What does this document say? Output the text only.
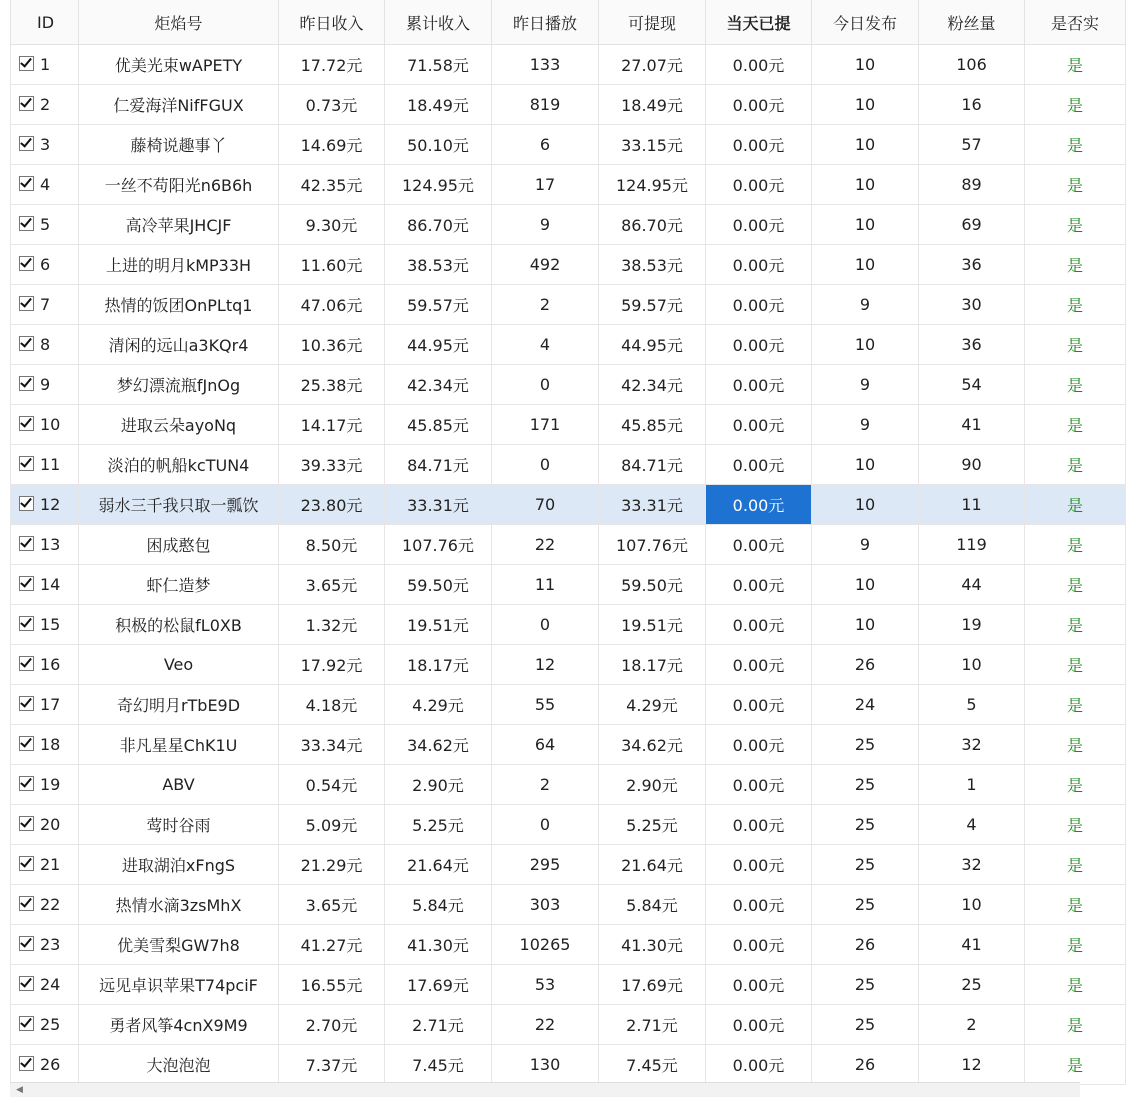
ID	炬焰号	昨日收入	累计收入	昨日播放	可提现	当天已提	今日发布	粉丝量	是否实
1	优美光束wAPETY	17.72元	71.58元	133	27.07元	0.00元	10	106	是
2	仁爱海洋NifFGUX	0.73元	18.49元	819	18.49元	0.00元	10	16	是
3	藤椅说趣事丫	14.69元	50.10元	6	33.15元	0.00元	10	57	是
4	一丝不苟阳光n6B6h	42.35元	124.95元	17	124.95元	0.00元	10	89	是
5	高冷苹果JHCJF	9.30元	86.70元	9	86.70元	0.00元	10	69	是
6	上进的明月kMP33H	11.60元	38.53元	492	38.53元	0.00元	10	36	是
7	热情的饭团OnPLtq1	47.06元	59.57元	2	59.57元	0.00元	9	30	是
8	清闲的远山a3KQr4	10.36元	44.95元	4	44.95元	0.00元	10	36	是
9	梦幻漂流瓶fJnOg	25.38元	42.34元	0	42.34元	0.00元	9	54	是
10	进取云朵ayoNq	14.17元	45.85元	171	45.85元	0.00元	9	41	是
11	淡泊的帆船kcTUN4	39.33元	84.71元	0	84.71元	0.00元	10	90	是
12	弱水三千我只取一瓢饮	23.80元	33.31元	70	33.31元	0.00元	10	11	是
13	困成憨包	8.50元	107.76元	22	107.76元	0.00元	9	119	是
14	虾仁造梦	3.65元	59.50元	11	59.50元	0.00元	10	44	是
15	积极的松鼠fL0XB	1.32元	19.51元	0	19.51元	0.00元	10	19	是
16	Veo	17.92元	18.17元	12	18.17元	0.00元	26	10	是
17	奇幻明月rTbE9D	4.18元	4.29元	55	4.29元	0.00元	24	5	是
18	非凡星星ChK1U	33.34元	34.62元	64	34.62元	0.00元	25	32	是
19	ABV	0.54元	2.90元	2	2.90元	0.00元	25	1	是
20	莺时谷雨	5.09元	5.25元	0	5.25元	0.00元	25	4	是
21	进取湖泊xFngS	21.29元	21.64元	295	21.64元	0.00元	25	32	是
22	热情水滴3zsMhX	3.65元	5.84元	303	5.84元	0.00元	25	10	是
23	优美雪梨GW7h8	41.27元	41.30元	10265	41.30元	0.00元	26	41	是
24	远见卓识苹果T74pciF	16.55元	17.69元	53	17.69元	0.00元	25	25	是
25	勇者风筝4cnX9M9	2.70元	2.71元	22	2.71元	0.00元	25	2	是
26	大泡泡泡	7.37元	7.45元	130	7.45元	0.00元	26	12	是
◀
